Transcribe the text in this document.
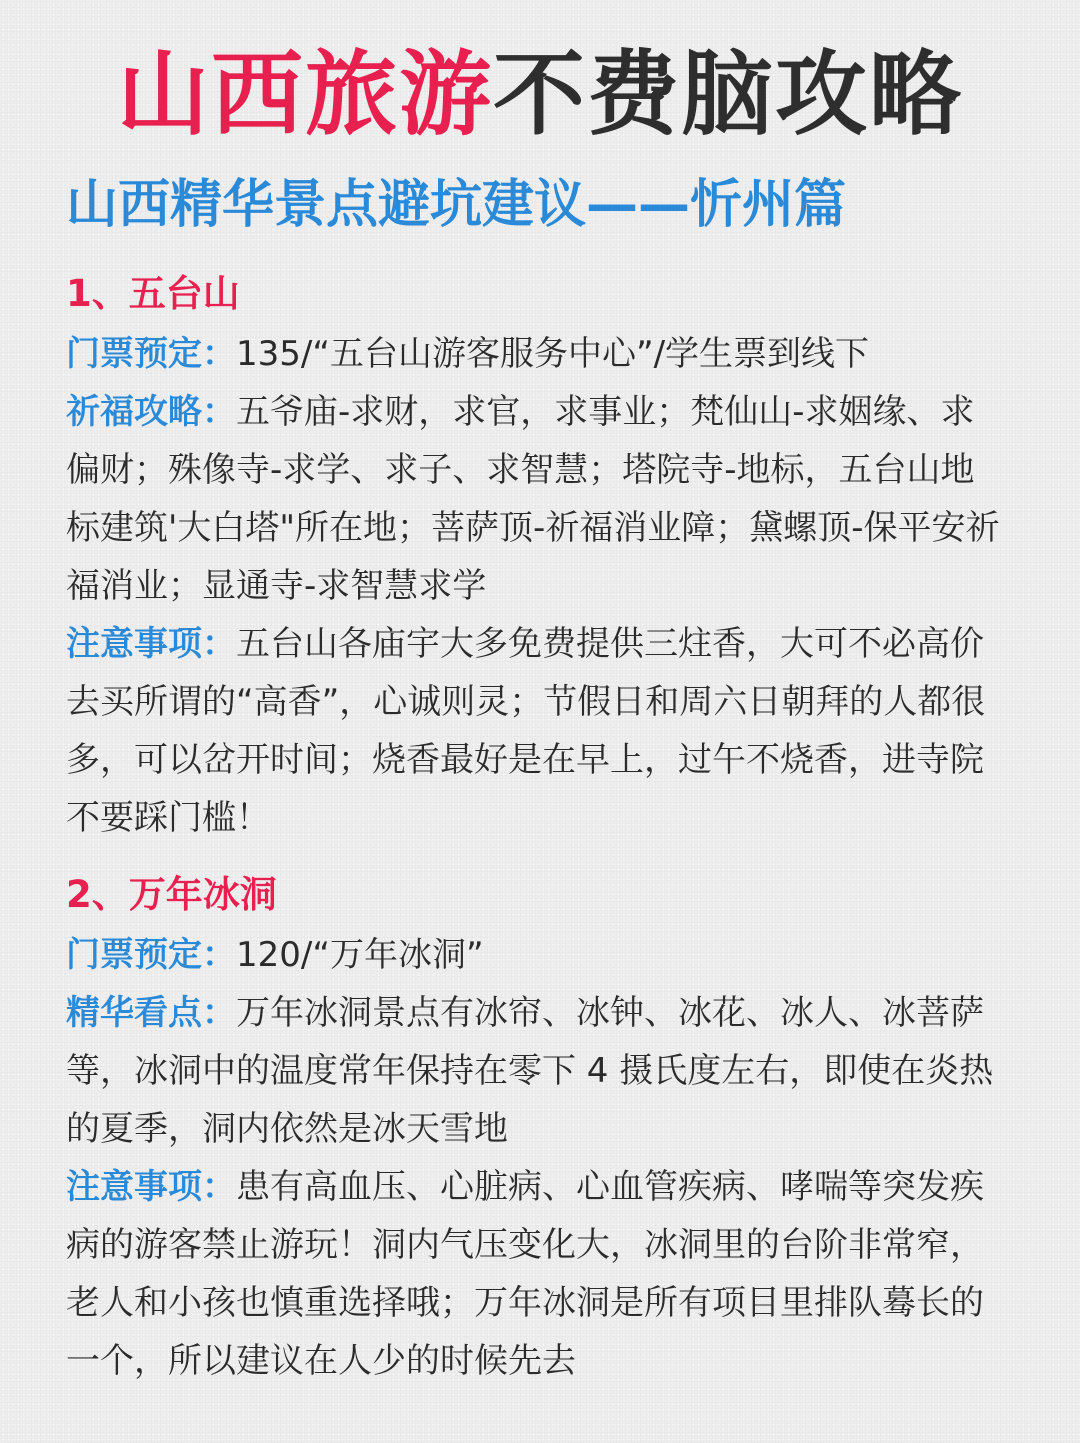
山西旅游不费脑攻略
山西精华景点避坑建议——忻州篇

1、五台山

门票预定：135/“五台山游客服务中心”/学生票到线下

祈福攻略：五爷庙-求财，求官，求事业；梵仙山-求姻缘、求偏财；殊像寺-求学、求子、求智慧；塔院寺-地标，五台山地标建筑'大白塔"所在地；菩萨顶-祈福消业障；黛螺顶-保平安祈福消业；显通寺-求智慧求学

注意事项：五台山各庙宇大多免费提供三炷香，大可不必高价去买所谓的“高香”，心诚则灵；节假日和周六日朝拜的人都很多，可以岔开时间；烧香最好是在早上，过午不烧香，进寺院不要踩门槛！

2、万年冰洞

门票预定：120/“万年冰洞”

精华看点：万年冰洞景点有冰帘、冰钟、冰花、冰人、冰菩萨等，冰洞中的温度常年保持在零下 4 摄氏度左右，即使在炎热的夏季，洞内依然是冰天雪地

注意事项：患有高血压、心脏病、心血管疾病、哮喘等突发疾病的游客禁止游玩！洞内气压变化大，冰洞里的台阶非常窄，老人和小孩也慎重选择哦；万年冰洞是所有项目里排队蓦长的一个，所以建议在人少的时候先去
